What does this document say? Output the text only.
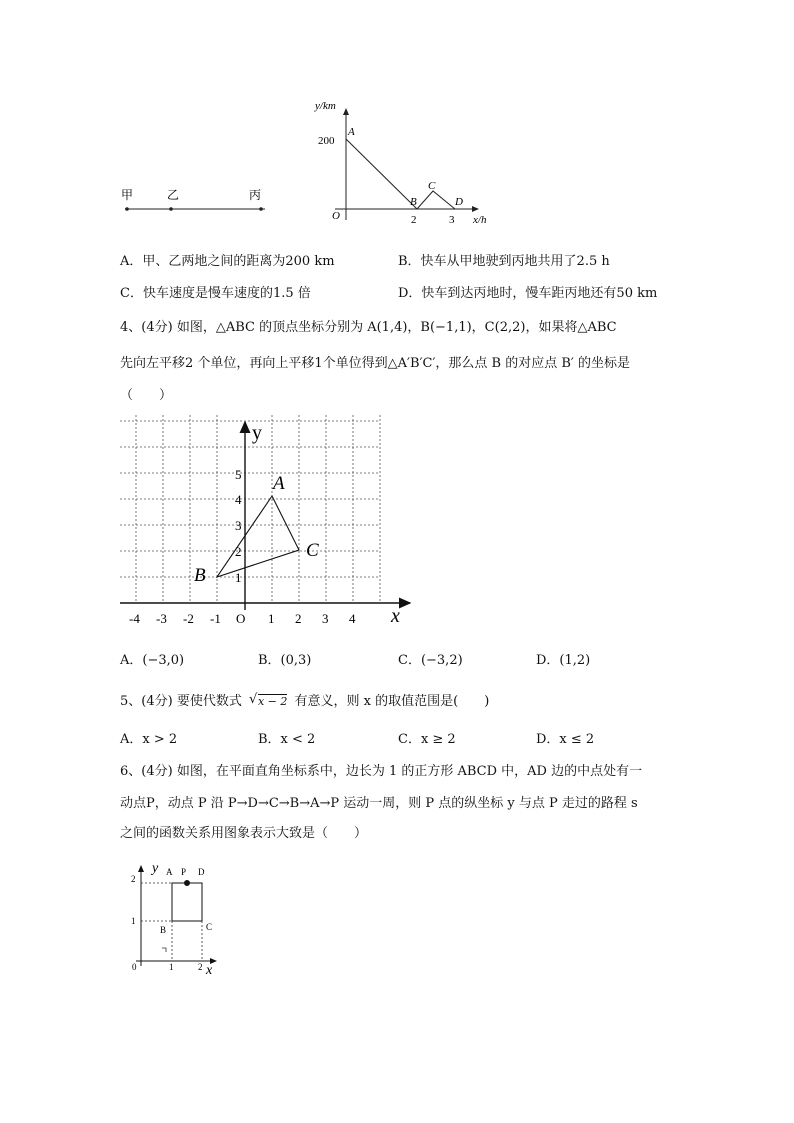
甲	乙	丙
y/km
x/h
O
200
2	3
A
B
C
D
A．甲、乙两地之间的距离为200 km	B．快车从甲地驶到丙地共用了2.5 h
C．快车速度是慢车速度的1.5 倍	D．快车到达丙地时，慢车距丙地还有50 km
4、(4分) 如图，△ABC 的顶点坐标分别为 A(1,4)，B(−1,1)，C(2,2)，如果将△ABC
先向左平移2 个单位，再向上平移1个单位得到△A′B′C′，那么点 B 的对应点 B′ 的坐标是
（　　）
y
x
O
-4 -3 -2 -1	1 2 3 4
1
2
3
4
5 A
B
C
A．(−3,0)	B．(0,3)	C．(−3,2)	D．(1,2)
5、(4分) 要使代数式 √ x − 2 有意义，则 x 的取值范围是(　　)
A．x > 2	B．x < 2	C．x ≥ 2	D．x ≤ 2
6、(4分) 如图，在平面直角坐标系中，边长为 1 的正方形 ABCD 中，AD 边的中点处有一
动点P，动点 P 沿 P→D→C→B→A→P 运动一周，则 P 点的纵坐标 y 与点 P 走过的路程 s
之间的函数关系用图象表示大致是（　　）
y
x
0	1	2
1
2
A P D
B	C
